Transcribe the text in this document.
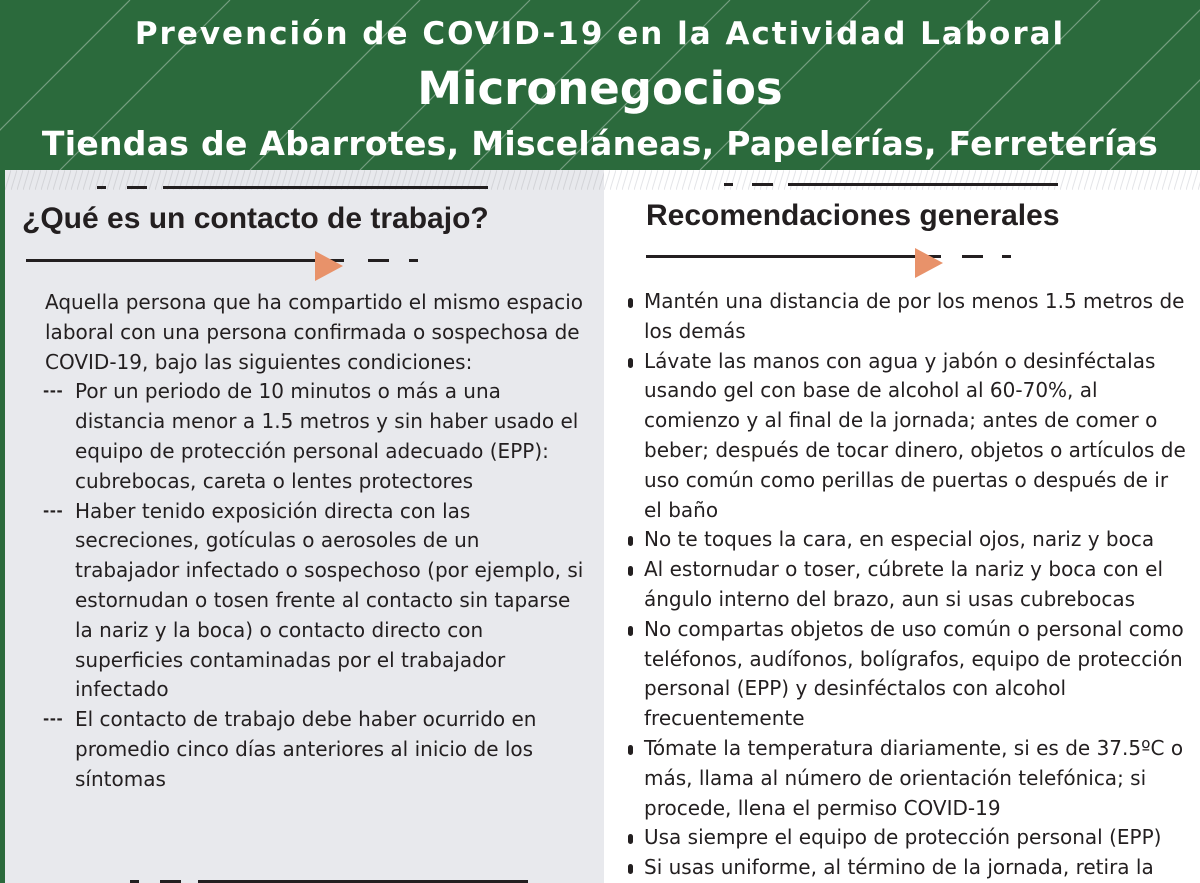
Prevención de COVID-19 en la Actividad Laboral
Micronegocios
Tiendas de Abarrotes, Misceláneas, Papelerías, Ferreterías
¿Qué es un contacto de trabajo?	Recomendaciones generales

Aquella persona que ha compartido el mismo espacio laboral con una persona confirmada o sospechosa de COVID-19, bajo las siguientes condiciones:

--- Por un periodo de 10 minutos o más a una distancia menor a 1.5 metros y sin haber usado el equipo de protección personal adecuado (EPP): cubrebocas, careta o lentes protectores
--- Haber tenido exposición directa con las secreciones, gotículas o aerosoles de un trabajador infectado o sospechoso (por ejemplo, si estornudan o tosen frente al contacto sin taparse la nariz y la boca) o contacto directo con superficies contaminadas por el trabajador infectado
--- El contacto de trabajo debe haber ocurrido en promedio cinco días anteriores al inicio de los síntomas
Mantén una distancia de por los menos 1.5 metros de los demás
Lávate las manos con agua y jabón o desinféctalas usando gel con base de alcohol al 60-70%, al comienzo y al final de la jornada; antes de comer o beber; después de tocar dinero, objetos o artículos de uso común como perillas de puertas o después de ir el baño
No te toques la cara, en especial ojos, nariz y boca
Al estornudar o toser, cúbrete la nariz y boca con el ángulo interno del brazo, aun si usas cubrebocas
No compartas objetos de uso común o personal como teléfonos, audífonos, bolígrafos, equipo de protección personal (EPP) y desinféctalos con alcohol frecuentemente
Tómate la temperatura diariamente, si es de 37.5ºC o más, llama al número de orientación telefónica; si procede, llena el permiso COVID-19
Usa siempre el equipo de protección personal (EPP)
Si usas uniforme, al término de la jornada, retira la
